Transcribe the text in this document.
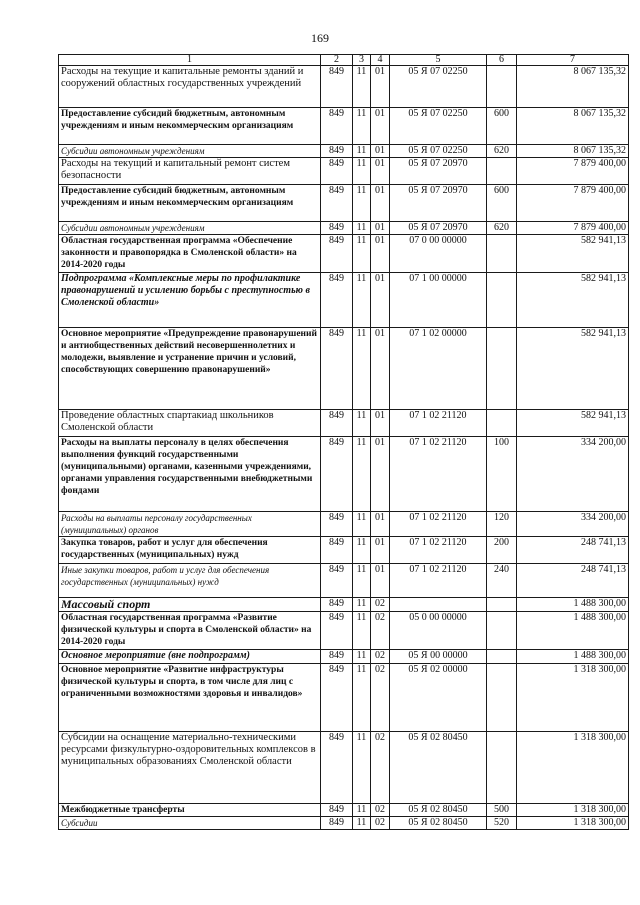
169
1	2	3	4	5	6	7
Расходы на текущие и капитальные ремонты зданий и сооружений областных государственных учреждений	849	11	01	05 Я 07 02250		8 067 135,32
Предоставление субсидий бюджетным, автономным учреждениям и иным некоммерческим организациям	849	11	01	05 Я 07 02250	600	8 067 135,32
Субсидии автономным учреждениям	849	11	01	05 Я 07 02250	620	8 067 135,32
Расходы на текущий и капитальный ремонт систем безопасности	849	11	01	05 Я 07 20970		7 879 400,00
Предоставление субсидий бюджетным, автономным учреждениям и иным некоммерческим организациям	849	11	01	05 Я 07 20970	600	7 879 400,00
Субсидии автономным учреждениям	849	11	01	05 Я 07 20970	620	7 879 400,00
Областная государственная программа «Обеспечение законности и правопорядка в Смоленской области» на 2014-2020 годы	849	11	01	07 0 00 00000		582 941,13
Подпрограмма «Комплексные меры по профилактике правонарушений и усилению борьбы с преступностью в Смоленской области»	849	11	01	07 1 00 00000		582 941,13
Основное мероприятие «Предупреждение правонарушений и антиобщественных действий несовершеннолетних и молодежи, выявление и устранение причин и условий, способствующих совершению правонарушений»	849	11	01	07 1 02 00000		582 941,13
Проведение областных спартакиад школьников Смоленской области	849	11	01	07 1 02 21120		582 941,13
Расходы на выплаты персоналу в целях обеспечения выполнения функций государственными (муниципальными) органами, казенными учреждениями, органами управления государственными внебюджетными фондами	849	11	01	07 1 02 21120	100	334 200,00
Расходы на выплаты персоналу государственных (муниципальных) органов	849	11	01	07 1 02 21120	120	334 200,00
Закупка товаров, работ и услуг для обеспечения государственных (муниципальных) нужд	849	11	01	07 1 02 21120	200	248 741,13
Иные закупки товаров, работ и услуг для обеспечения государственных (муниципальных) нужд	849	11	01	07 1 02 21120	240	248 741,13
Массовый спорт	849	11	02			1 488 300,00
Областная государственная программа «Развитие физической культуры и спорта в Смоленской области» на 2014-2020 годы	849	11	02	05 0 00 00000		1 488 300,00
Основное мероприятие (вне подпрограмм)	849	11	02	05 Я 00 00000		1 488 300,00
Основное мероприятие «Развитие инфраструктуры физической культуры и спорта, в том числе для лиц с ограниченными возможностями здоровья и инвалидов»	849	11	02	05 Я 02 00000		1 318 300,00
Субсидии на оснащение материально-техническими ресурсами физкультурно-оздоровительных комплексов в муниципальных образованиях Смоленской области	849	11	02	05 Я 02 80450		1 318 300,00
Межбюджетные трансферты	849	11	02	05 Я 02 80450	500	1 318 300,00
Субсидии	849	11	02	05 Я 02 80450	520	1 318 300,00
